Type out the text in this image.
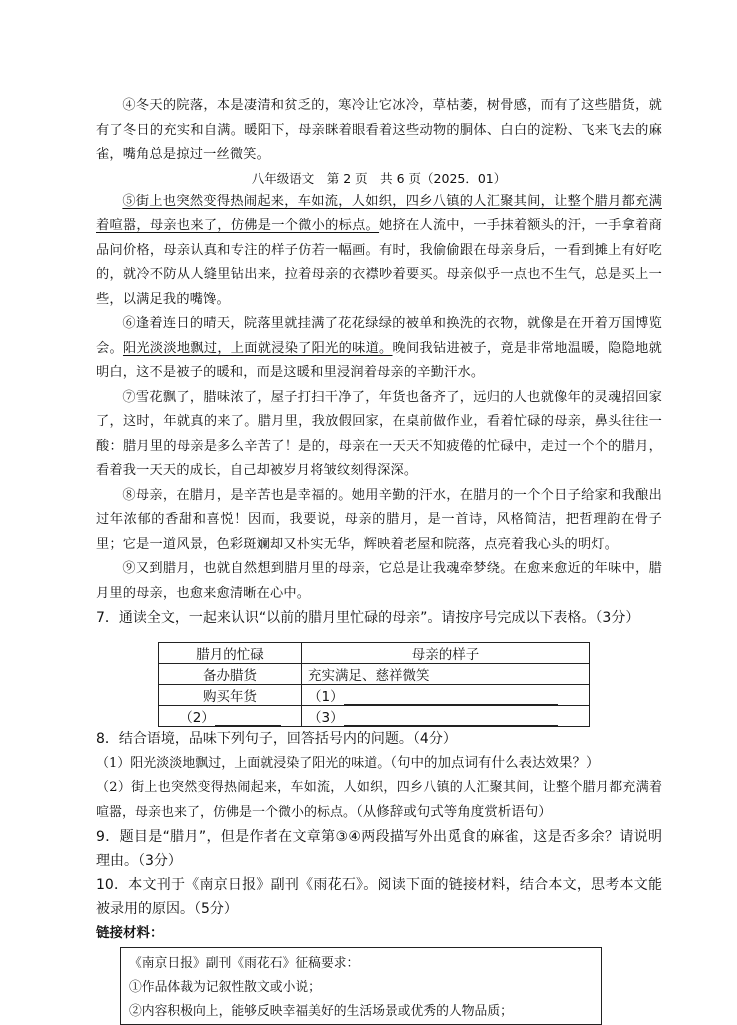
④冬天的院落，本是凄清和贫乏的，寒冷让它冰冷，草枯萎，树骨感，而有了这些腊货，就有了冬日的充实和自满。暖阳下，母亲眯着眼看着这些动物的胴体、白白的淀粉、飞来飞去的麻雀，嘴角总是掠过一丝微笑。

八年级语文　第 2 页　共 6 页（2025．01）

⑤街上也突然变得热闹起来，车如流，人如织，四乡八镇的人汇聚其间，让整个腊月都充满着喧嚣，母亲也来了，仿佛是一个微小的标点。她挤在人流中，一手抹着额头的汗，一手拿着商品问价格，母亲认真和专注的样子仿若一幅画。有时，我偷偷跟在母亲身后，一看到摊上有好吃的，就冷不防从人缝里钻出来，拉着母亲的衣襟吵着要买。母亲似乎一点也不生气，总是买上一些，以满足我的嘴馋。

⑥逢着连日的晴天，院落里就挂满了花花绿绿的被单和换洗的衣物，就像是在开着万国博览会。阳光淡淡地飘过，上面就浸染了阳光的味道。晚间我钻进被子，竟是非常地温暖，隐隐地就明白，这不是被子的暖和，而是这暖和里浸润着母亲的辛勤汗水。

⑦雪花飘了，腊味浓了，屋子打扫干净了，年货也备齐了，远归的人也就像年的灵魂招回家了，这时，年就真的来了。腊月里，我放假回家，在桌前做作业，看着忙碌的母亲，鼻头往往一酸：腊月里的母亲是多么辛苦了！是的，母亲在一天天不知疲倦的忙碌中，走过一个个的腊月，看着我一天天的成长，自己却被岁月将皱纹刻得深深。

⑧母亲，在腊月，是辛苦也是幸福的。她用辛勤的汗水，在腊月的一个个日子给家和我酿出过年浓郁的香甜和喜悦！因而，我要说，母亲的腊月，是一首诗，风格简洁，把哲理韵在骨子里；它是一道风景，色彩斑斓却又朴实无华，辉映着老屋和院落，点亮着我心头的明灯。

⑨又到腊月，也就自然想到腊月里的母亲，它总是让我魂牵梦绕。在愈来愈近的年味中，腊月里的母亲，也愈来愈清晰在心中。

7．通读全文，一起来认识“以前的腊月里忙碌的母亲”。请按序号完成以下表格。（3分）

腊月的忙碌	母亲的样子
备办腊货	充实满足、慈祥微笑
购买年货	（1）
（2）	（3）

8．结合语境，品味下列句子，回答括号内的问题。（4分）

（1）阳光淡淡地飘过，上面就浸染了阳光的味道。（句中的加点词有什么表达效果？）

（2）街上也突然变得热闹起来，车如流，人如织，四乡八镇的人汇聚其间，让整个腊月都充满着喧嚣，母亲也来了，仿佛是一个微小的标点。（从修辞或句式等角度赏析语句）

9．题目是“腊月”，但是作者在文章第③④两段描写外出觅食的麻雀，这是否多余？请说明理由。（3分）

10．本文刊于《南京日报》副刊《雨花石》。阅读下面的链接材料，结合本文，思考本文能被录用的原因。（5分）

链接材料：

《南京日报》副刊《雨花石》征稿要求：

①作品体裁为记叙性散文或小说；

②内容积极向上，能够反映幸福美好的生活场景或优秀的人物品质；
